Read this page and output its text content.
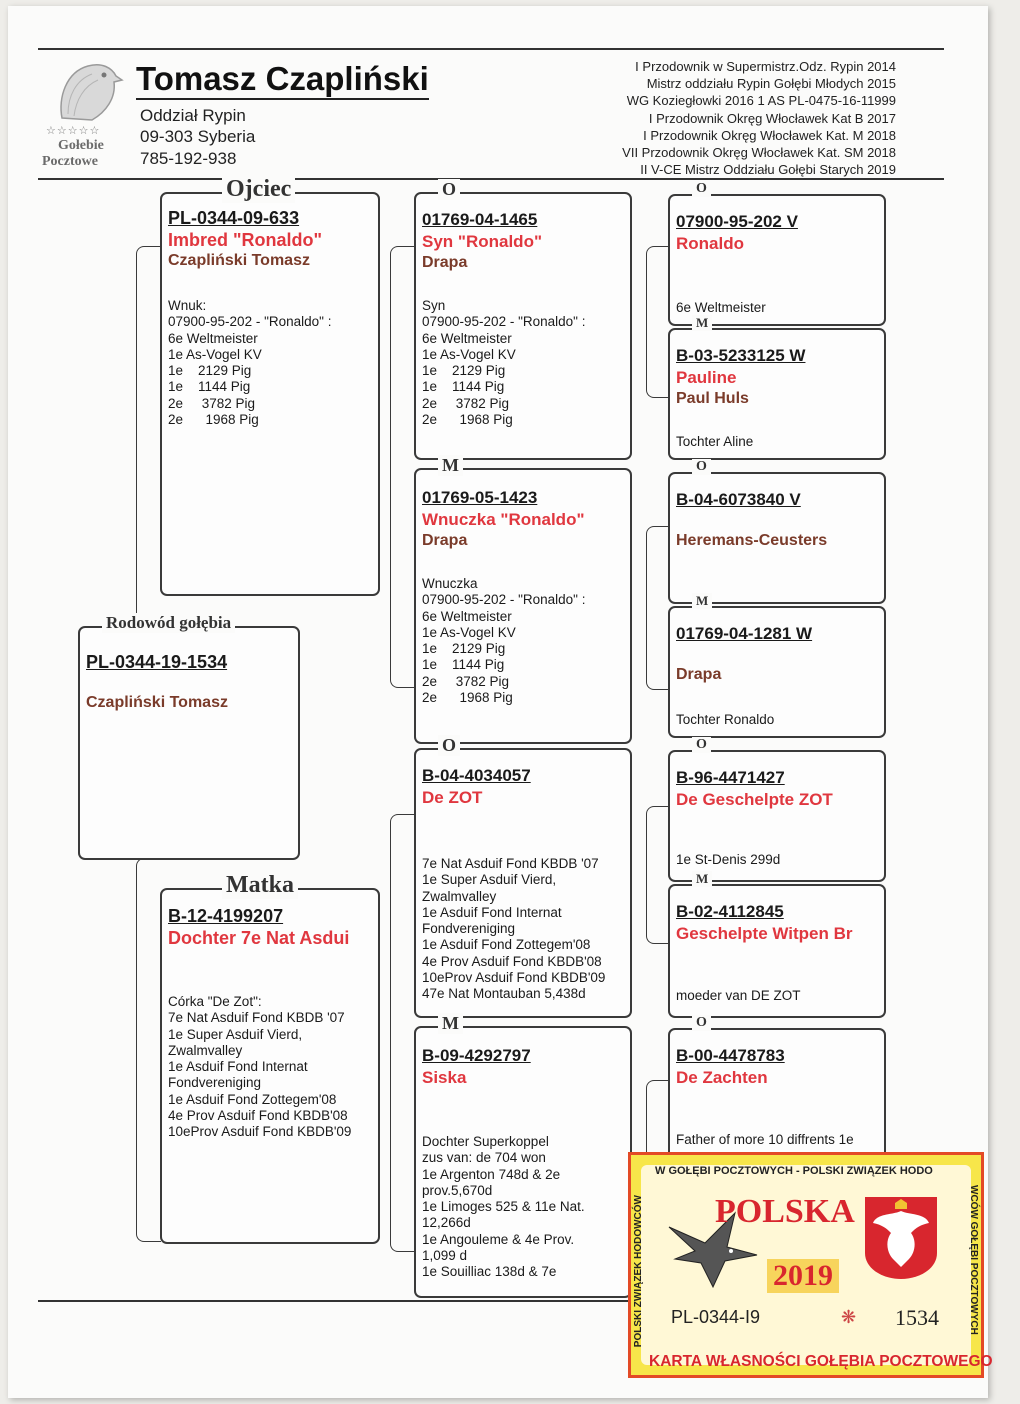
☆☆☆☆☆
Gołebie
Pocztowe
Tomasz Czapliński
Oddział Rypin
09-303 Syberia
785-192-938
I Przodownik w Supermistrz.Odz. Rypin 2014
Mistrz oddziału Rypin Gołębi Młodych 2015
WG Koziegłowki 2016 1 AS PL-0475-16-11999
I Przodownik Okręg Włocławek Kat B 2017
I Przodownik Okręg Włocławek Kat. M 2018
VII Przodownik Okręg Włocławek Kat. SM 2018
II V-CE Mistrz Oddziału Gołębi Starych 2019
Rodowód gołębia
PL-0344-19-1534
Czapliński Tomasz
Ojciec
PL-0344-09-633
Imbred "Ronaldo"
Czapliński Tomasz
Wnuk:
07900-95-202 - "Ronaldo" :
6e Weltmeister
1e As-Vogel KV
1e    2129 Pig
1e    1144 Pig
2e     3782 Pig
2e      1968 Pig
Matka
B-12-4199207
Dochter 7e Nat Asdui
Córka "De Zot":
7e Nat Asduif Fond KBDB '07
1e Super Asduif Vierd,
Zwalmvalley
1e Asduif Fond Internat
Fondvereniging
1e Asduif Fond Zottegem'08
4e Prov Asduif Fond KBDB'08
10eProv Asduif Fond KBDB'09
O
01769-04-1465
Syn "Ronaldo"
Drapa
Syn
07900-95-202 - "Ronaldo" :
6e Weltmeister
1e As-Vogel KV
1e    2129 Pig
1e    1144 Pig
2e     3782 Pig
2e      1968 Pig
M
01769-05-1423
Wnuczka "Ronaldo"
Drapa
Wnuczka
07900-95-202 - "Ronaldo" :
6e Weltmeister
1e As-Vogel KV
1e    2129 Pig
1e    1144 Pig
2e     3782 Pig
2e      1968 Pig
O
B-04-4034057
De ZOT
7e Nat Asduif Fond KBDB '07
1e Super Asduif Vierd,
Zwalmvalley
1e Asduif Fond Internat
Fondvereniging
1e Asduif Fond Zottegem'08
4e Prov Asduif Fond KBDB'08
10eProv Asduif Fond KBDB'09
47e Nat Montauban 5,438d
M
B-09-4292797
Siska
Dochter Superkoppel
zus van: de 704 won
1e Argenton 748d & 2e
prov.5,670d
1e Limoges 525 & 11e Nat.
12,266d
1e Angouleme & 4e Prov.
1,099 d
1e Souilliac 138d & 7e
O
07900-95-202 V
Ronaldo
6e Weltmeister
M
B-03-5233125 W
Pauline
Paul Huls
Tochter Aline
O
B-04-6073840 V
Heremans-Ceusters
M
01769-04-1281 W
Drapa
Tochter Ronaldo
O
B-96-4471427
De Geschelpte ZOT
1e St-Denis 299d
M
B-02-4112845
Geschelpte Witpen Br
moeder van DE ZOT
O
B-00-4478783
De Zachten
Father of more 10 diffrents 1e
W GOŁĘBI POCZTOWYCH - POLSKI ZWIĄZEK HODO
POLSKI ZWIĄZEK HODOWCÓW	WCÓW GOŁĘBI POCZTOWYCH
POLSKA
2019
PL-0344-I9	❋ 1534
KARTA WŁASNOŚCI GOŁĘBIA POCZTOWEGO
